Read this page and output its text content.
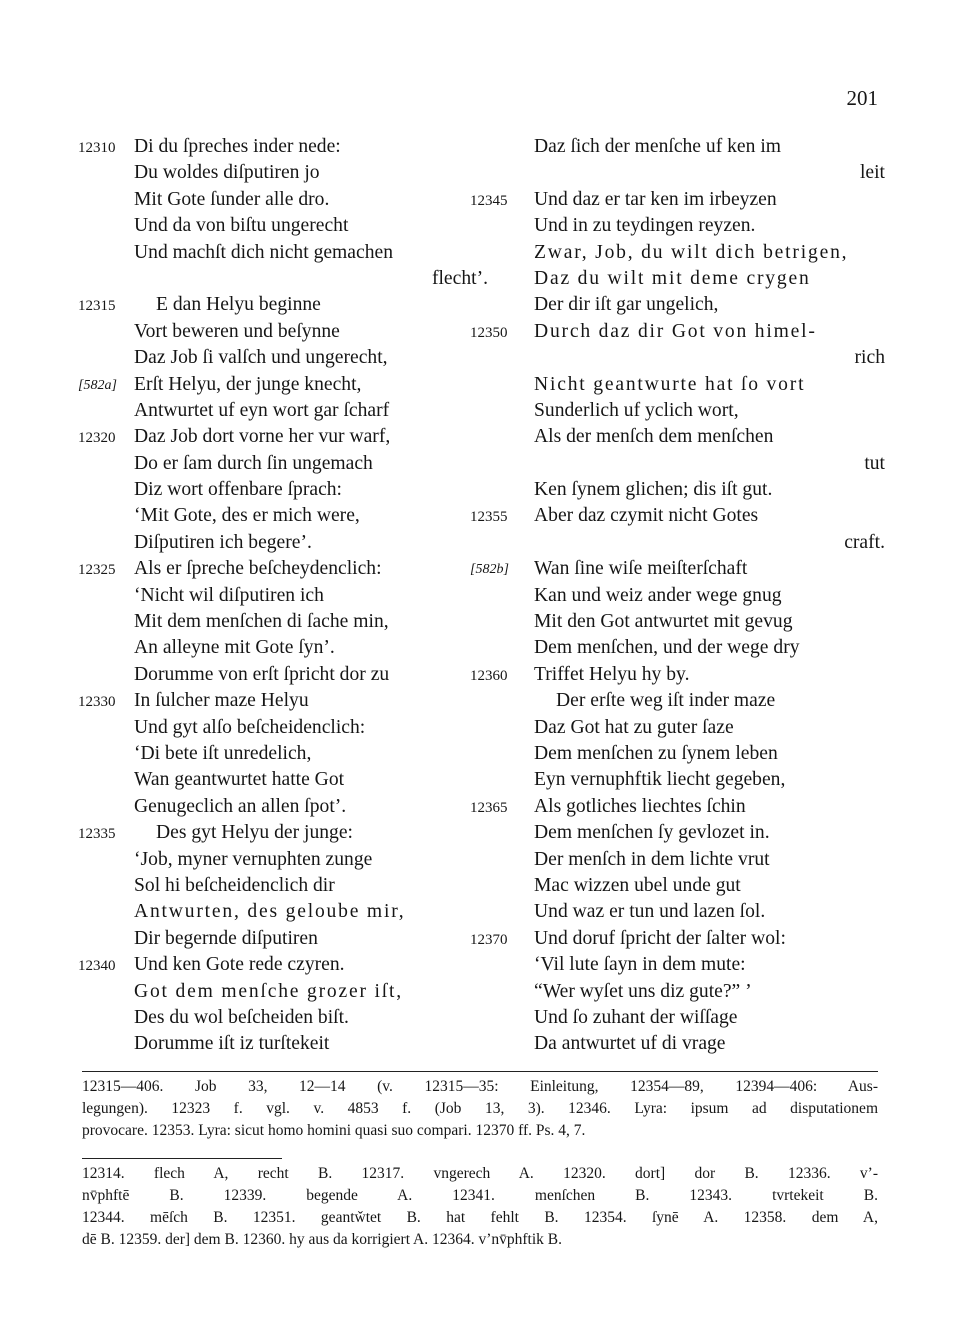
201
12310 Di du ſpreches inder nede:
Du woldes diſputiren jo
Mit Gote ſunder alle dro.
Und da von biſtu ungerecht
Und machſt dich nicht gemachen
flecht’.
12315	E dan Helyu beginne
Vort beweren und beſynne
Daz Job ſi valſch und ungerecht,
[582a] Erſt Helyu, der junge knecht,
Antwurtet uf eyn wort gar ſcharf
12320 Daz Job dort vorne her vur warf,
Do er ſam durch ſin ungemach
Diz wort offenbare ſprach:
‘Mit Gote, des er mich were,
Diſputiren ich begere’.
12325 Als er ſpreche beſcheydenclich:
‘Nicht wil diſputiren ich
Mit dem menſchen di ſache min,
An alleyne mit Gote ſyn’.
Dorumme von erſt ſpricht dor zu
12330 In ſulcher maze Helyu
Und gyt alſo beſcheidenclich:
‘Di bete iſt unredelich,
Wan geantwurtet hatte Got
Genugeclich an allen ſpot’.
12335	Des gyt Helyu der junge:
‘Job, myner vernuphten zunge
Sol hi beſcheidenclich dir
Antwurten, des geloube mir,
Dir begernde diſputiren
12340 Und ken Gote rede czyren.
Got dem menſche grozer iſt,
Des du wol beſcheiden biſt.
Dorumme iſt iz turſtekeit
Daz ſich der menſche uf ken im
leit
12345	Und daz er tar ken im irbeyzen
Und in zu teydingen reyzen.
Zwar, Job, du wilt dich betrigen,
Daz du wilt mit deme crygen
Der dir iſt gar ungelich,
12350	Durch daz dir Got von himel-
rich
Nicht geantwurte hat ſo vort
Sunderlich uf yclich wort,
Als der menſch dem menſchen
tut
Ken ſynem glichen; dis iſt gut.
12355	Aber daz czymit nicht Gotes
craft.
[582b]	Wan ſine wiſe meiſterſchaft
Kan und weiz ander wege gnug
Mit den Got antwurtet mit gevug
Dem menſchen, und der wege dry
12360	Triffet Helyu hy by.
Der erſte weg iſt inder maze
Daz Got hat zu guter ſaze
Dem menſchen zu ſynem leben
Eyn vernuphftik liecht gegeben,
12365	Als gotliches liechtes ſchin
Dem menſchen ſy gevlozet in.
Der menſch in dem lichte vrut
Mac wizzen ubel unde gut
Und waz er tun und lazen ſol.
12370	Und doruf ſpricht der ſalter wol:
‘Vil lute ſayn in dem mute:
“Wer wyſet uns diz gute?” ’
Und ſo zuhant der wiſſage
Da antwurtet uf di vrage
12315—406. Job 33, 12—14 (v. 12315—35: Einleitung, 12354—89, 12394—406: Aus-
legungen). 12323 f. vgl. v. 4853 f. (Job 13, 3). 12346. Lyra: ipsum ad disputationem
provocare. 12353. Lyra: sicut homo homini quasi suo compari. 12370 ff. Ps. 4, 7.
12314. flech A, recht B. 12317. vngerech A. 12320. dort] dor B. 12336. v’-
nv̄phftē B. 12339. begende A. 12341. menſchen B. 12343. tvrtekeit B.
12344. mēſch B. 12351. geantw̌tet B. hat fehlt B. 12354. ſynē A. 12358. dem A,
dē B. 12359. der] dem B. 12360. hy aus da korrigiert A. 12364. v’nv̄phftik B.
